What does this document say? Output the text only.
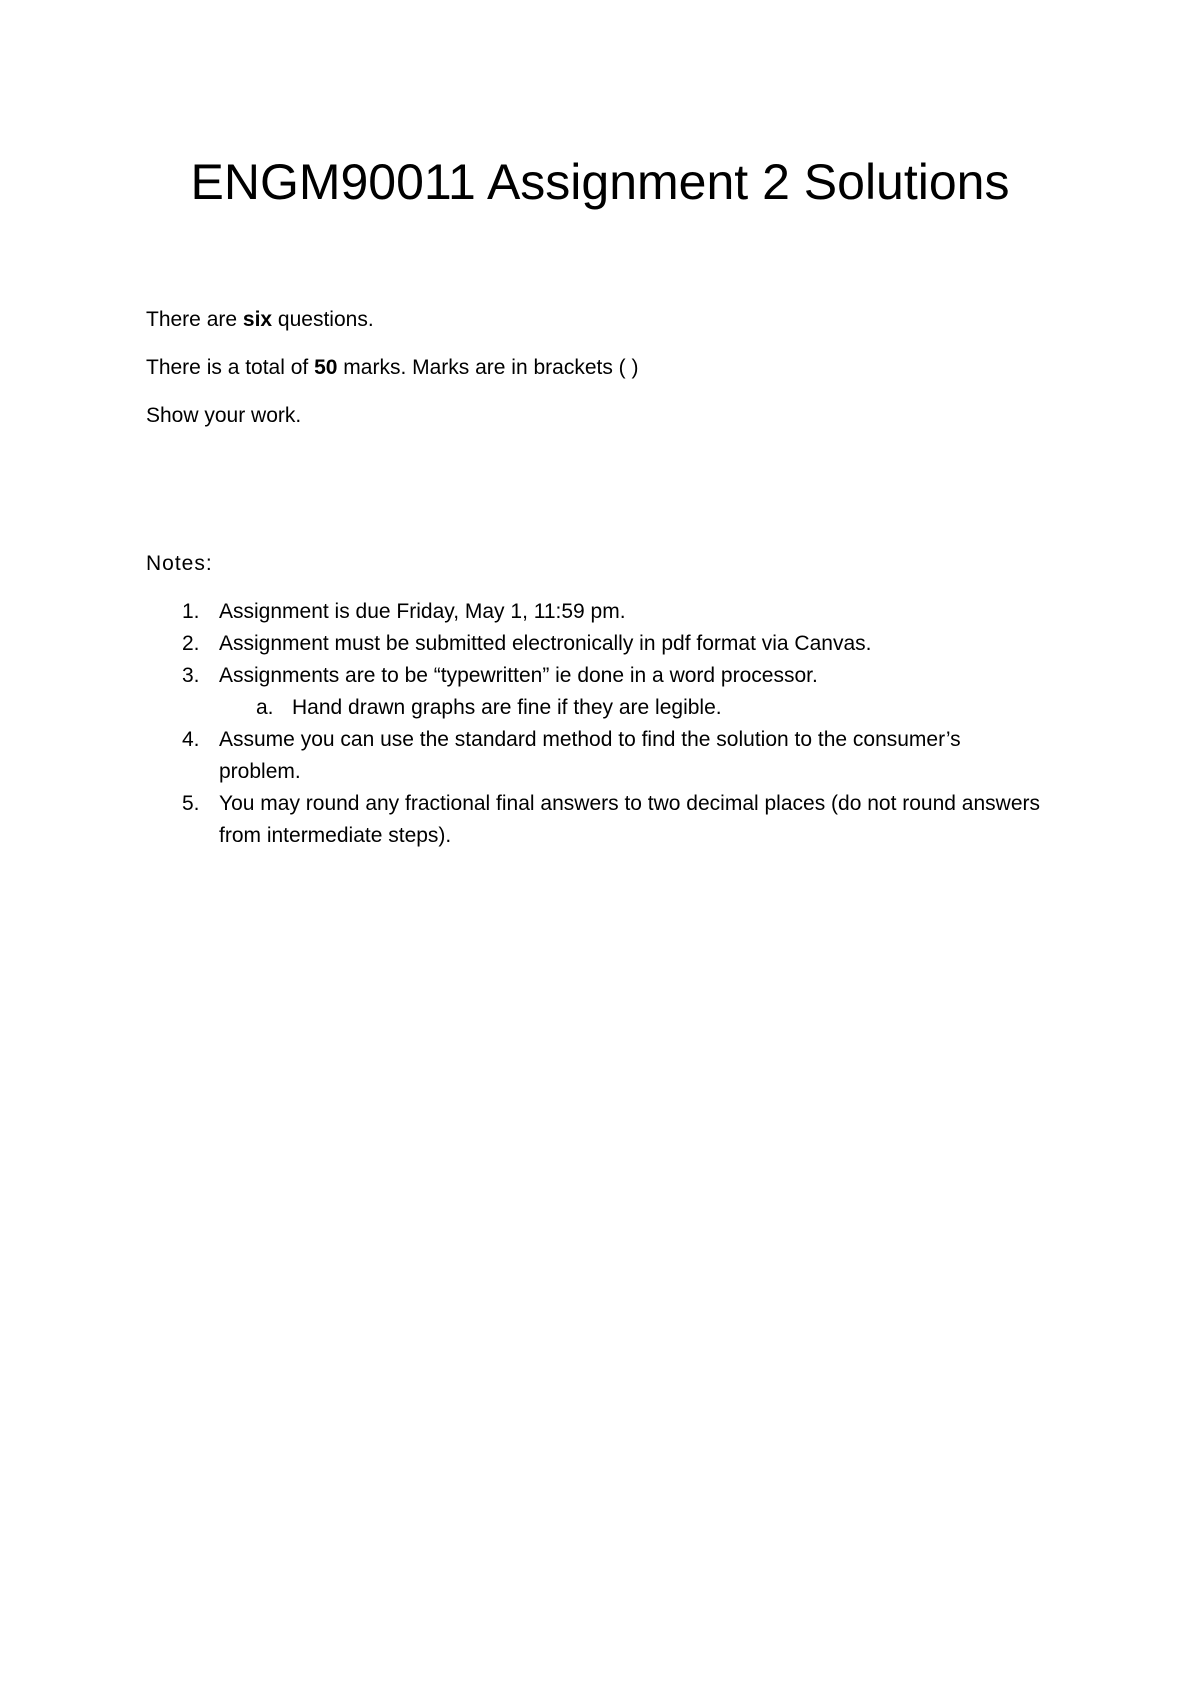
ENGM90011 Assignment 2 Solutions

There are six questions.

There is a total of 50 marks. Marks are in brackets ( )

Show your work.

Notes:

1. Assignment is due Friday, May 1, 11:59 pm.
2. Assignment must be submitted electronically in pdf format via Canvas.
3. Assignments are to be “typewritten” ie done in a word processor.
a. Hand drawn graphs are fine if they are legible.
4. Assume you can use the standard method to find the solution to the consumer’s problem.
5. You may round any fractional final answers to two decimal places (do not round answers from intermediate steps).
